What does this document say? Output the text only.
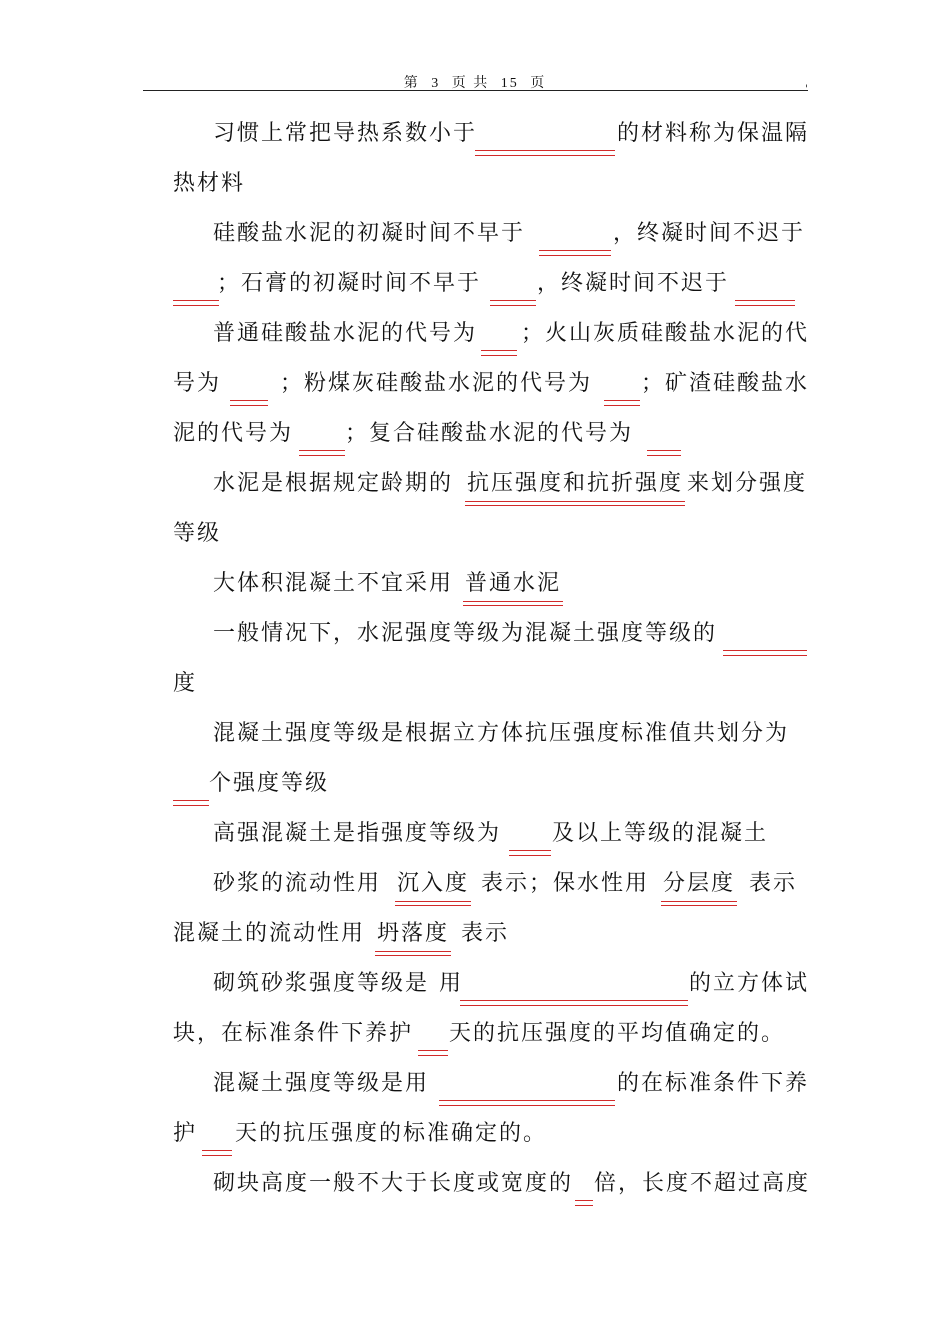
第 3 页 共 15 页	'
习惯上常把导热系数小于	的材料称为保温隔
热材料
硅酸盐水泥的初凝时间不早于	，终凝时间不迟于
；石膏的初凝时间不早于	，终凝时间不迟于
普通硅酸盐水泥的代号为 ；火山灰质硅酸盐水泥的代
号为	；粉煤灰硅酸盐水泥的代号为 ；矿渣硅酸盐水
泥的代号为 ；复合硅酸盐水泥的代号为
水泥是根据规定龄期的 抗压强度和抗折强度 来划分强度
等级
大体积混凝土不宜采用 普通水泥
一般情况下，水泥强度等级为混凝土强度等级的
度
混凝土强度等级是根据立方体抗压强度标准值共划分为
个强度等级
高强混凝土是指强度等级为 及以上等级的混凝土
砂浆的流动性用 沉入度 表示；保水性用 分层度 表示
混凝土的流动性用 坍落度 表示
砌筑砂浆强度等级是 用	的立方体试
块，在标准条件下养护 天的抗压强度的平均值确定的。
混凝土强度等级是用	的在标准条件下养
护 天的抗压强度的标准确定的。
砌块高度一般不大于长度或宽度的 倍，长度不超过高度
